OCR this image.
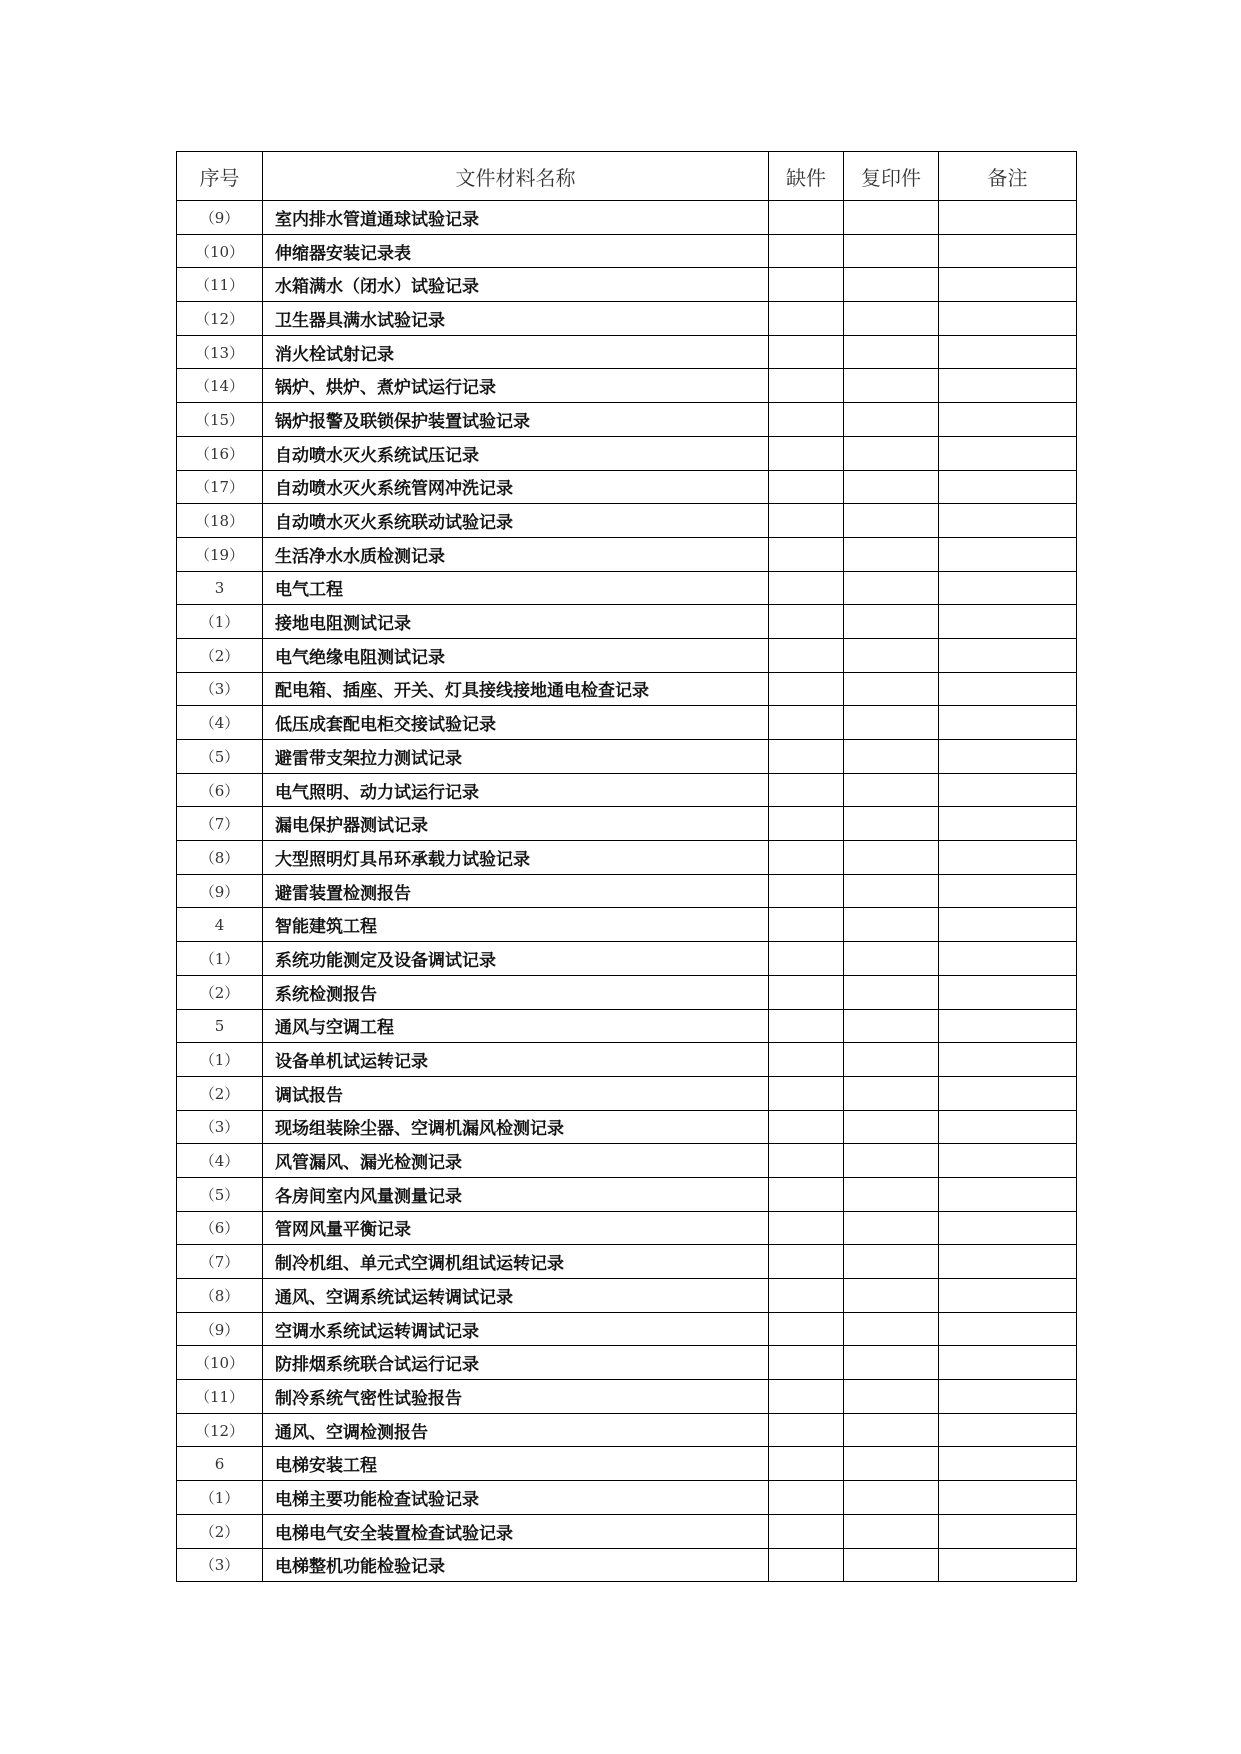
序号	文件材料名称	缺件	复印件	备注
（9）	室内排水管道通球试验记录			
（10）	伸缩器安装记录表			
（11）	水箱满水（闭水）试验记录			
（12）	卫生器具满水试验记录			
（13）	消火栓试射记录			
（14）	锅炉、烘炉、煮炉试运行记录			
（15）	锅炉报警及联锁保护装置试验记录			
（16）	自动喷水灭火系统试压记录			
（17）	自动喷水灭火系统管网冲洗记录			
（18）	自动喷水灭火系统联动试验记录			
（19）	生活净水水质检测记录			
3	电气工程			
（1）	接地电阻测试记录			
（2）	电气绝缘电阻测试记录			
（3）	配电箱、插座、开关、灯具接线接地通电检查记录			
（4）	低压成套配电柜交接试验记录			
（5）	避雷带支架拉力测试记录			
（6）	电气照明、动力试运行记录			
（7）	漏电保护器测试记录			
（8）	大型照明灯具吊环承载力试验记录			
（9）	避雷装置检测报告			
4	智能建筑工程			
（1）	系统功能测定及设备调试记录			
（2）	系统检测报告			
5	通风与空调工程			
（1）	设备单机试运转记录			
（2）	调试报告			
（3）	现场组装除尘器、空调机漏风检测记录			
（4）	风管漏风、漏光检测记录			
（5）	各房间室内风量测量记录			
（6）	管网风量平衡记录			
（7）	制冷机组、单元式空调机组试运转记录			
（8）	通风、空调系统试运转调试记录			
（9）	空调水系统试运转调试记录			
（10）	防排烟系统联合试运行记录			
（11）	制冷系统气密性试验报告			
（12）	通风、空调检测报告			
6	电梯安装工程			
（1）	电梯主要功能检查试验记录			
（2）	电梯电气安全装置检查试验记录			
（3）	电梯整机功能检验记录			
